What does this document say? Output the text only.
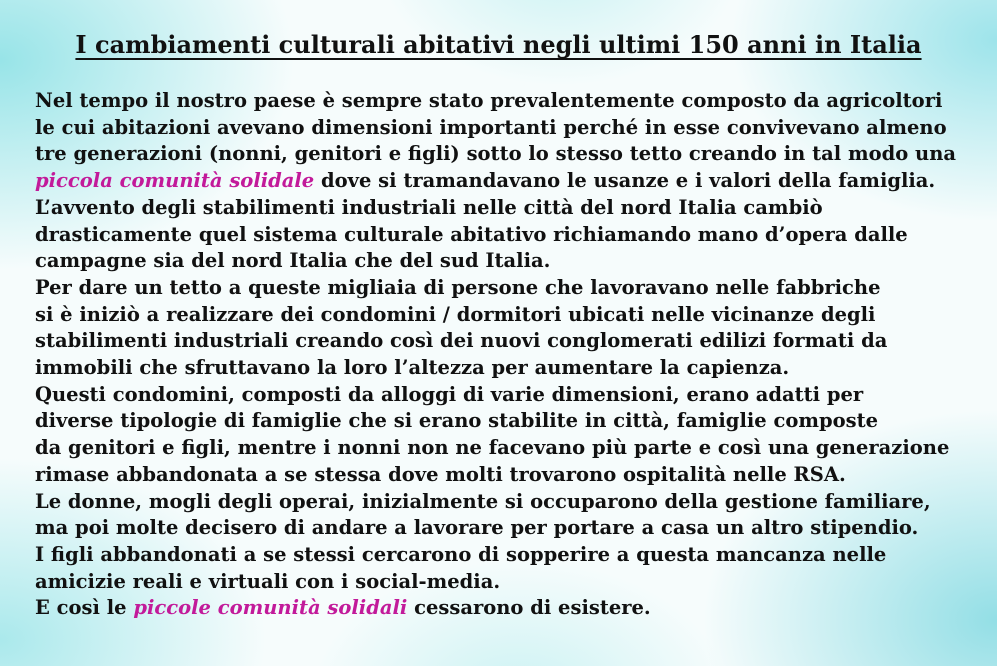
I cambiamenti culturali abitativi negli ultimi 150 anni in Italia
Nel tempo il nostro paese è sempre stato prevalentemente composto da agricoltori
le cui abitazioni avevano dimensioni importanti perché in esse convivevano almeno
tre generazioni (nonni, genitori e figli) sotto lo stesso tetto creando in tal modo una
piccola comunità solidale dove si tramandavano le usanze e i valori della famiglia.
L’avvento degli stabilimenti industriali nelle città del nord Italia cambiò
drasticamente quel sistema culturale abitativo richiamando mano d’opera dalle
campagne sia del nord Italia che del sud Italia.
Per dare un tetto a queste migliaia di persone che lavoravano nelle fabbriche
si è iniziò a realizzare dei condomini / dormitori ubicati nelle vicinanze degli
stabilimenti industriali creando così dei nuovi conglomerati edilizi formati da
immobili che sfruttavano la loro l’altezza per aumentare la capienza.
Questi condomini, composti da alloggi di varie dimensioni, erano adatti per
diverse tipologie di famiglie che si erano stabilite in città, famiglie composte
da genitori e figli, mentre i nonni non ne facevano più parte e così una generazione
rimase abbandonata a se stessa dove molti trovarono ospitalità nelle RSA.
Le donne, mogli degli operai, inizialmente si occuparono della gestione familiare,
ma poi molte decisero di andare a lavorare per portare a casa un altro stipendio.
I figli abbandonati a se stessi cercarono di sopperire a questa mancanza nelle
amicizie reali e virtuali con i social-media.
E così le piccole comunità solidali cessarono di esistere.
